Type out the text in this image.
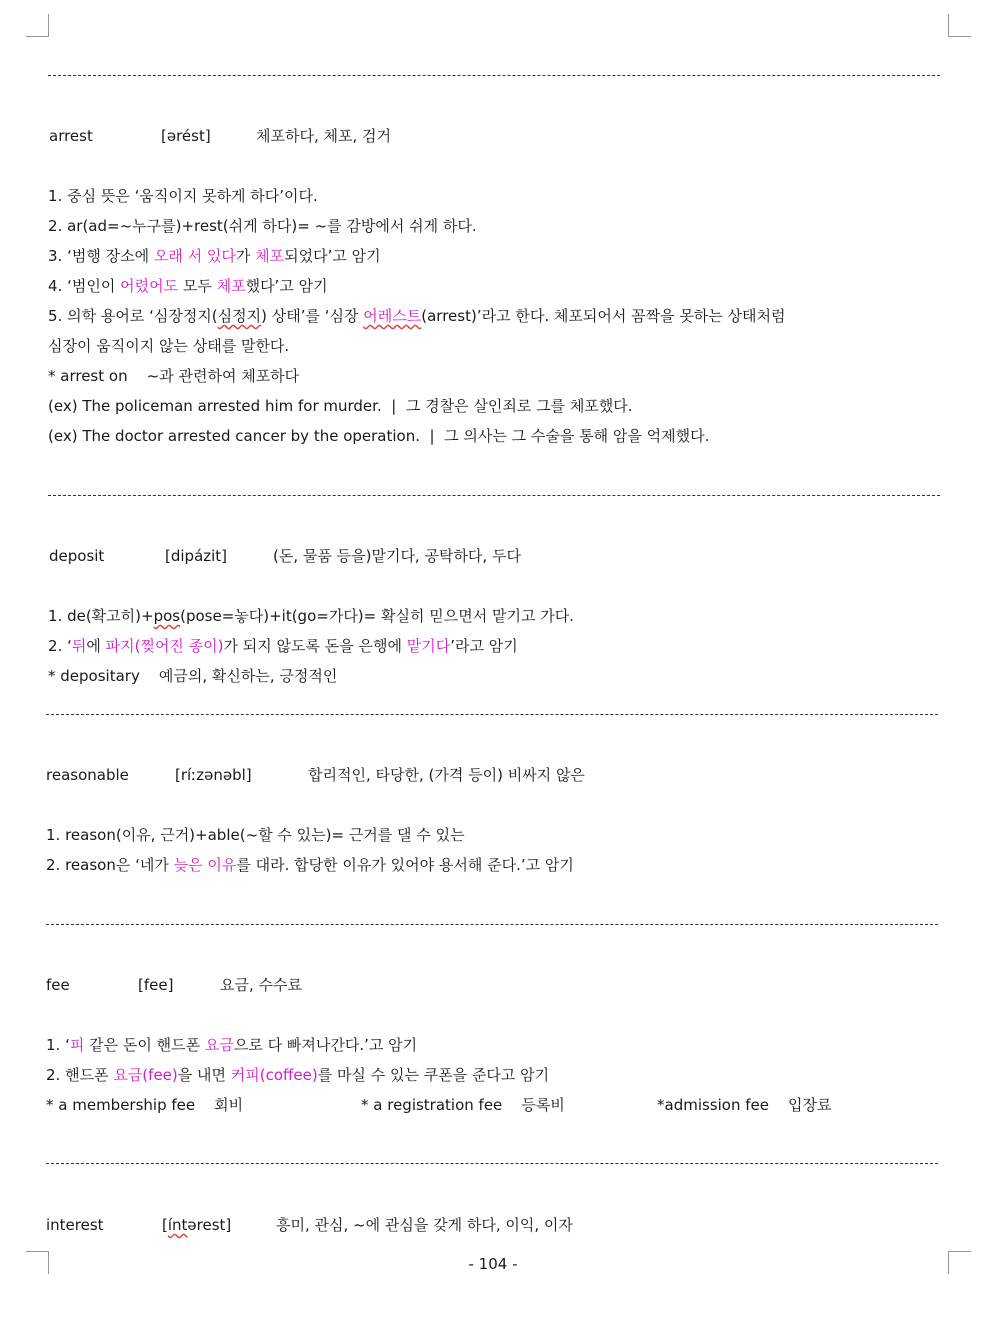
arrest	[ərést]	체포하다, 체포, 검거
1. 중심 뜻은 ‘움직이지 못하게 하다’이다.
2. ar(ad=~누구를)+rest(쉬게 하다)= ~를 감방에서 쉬게 하다.
3. ‘범행 장소에 오래 서 있다가 체포되었다’고 암기
4. ‘범인이 어렸어도 모두 체포했다’고 암기
5. 의학 용어로 ‘심장정지(심정지) 상태’를 ‘심장 어레스트(arrest)’라고 한다. 체포되어서 꼼짝을 못하는 상태처럼
심장이 움직이지 않는 상태를 말한다.
* arrest on    ~과 관련하여 체포하다
(ex) The policeman arrested him for murder.  |  그 경찰은 살인죄로 그를 체포했다.
(ex) The doctor arrested cancer by the operation.  |  그 의사는 그 수술을 통해 암을 억제했다.
deposit	[dipázit]	(돈, 물품 등을)맡기다, 공탁하다, 두다
1. de(확고히)+pos(pose=놓다)+it(go=가다)= 확실히 믿으면서 맡기고 가다.
2. ‘뒤에 파지(찢어진 종이)가 되지 않도록 돈을 은행에 맡기다’라고 암기
* depositary    예금의, 확신하는, 긍정적인
reasonable	[ríːzənəbl]	합리적인, 타당한, (가격 등이) 비싸지 않은
1. reason(이유, 근거)+able(~할 수 있는)= 근거를 댈 수 있는
2. reason은 ‘네가 늦은 이유를 대라. 합당한 이유가 있어야 용서해 준다.’고 암기
fee	[fee]	요금, 수수료
1. ‘피 같은 돈이 핸드폰 요금으로 다 빠져나간다.’고 암기
2. 핸드폰 요금(fee)을 내면 커피(coffee)를 마실 수 있는 쿠폰을 준다고 암기
* a membership fee    회비	* a registration fee    등록비	*admission fee    입장료
interest	[íntərest]	흥미, 관심, ~에 관심을 갖게 하다, 이익, 이자
- 104 -
